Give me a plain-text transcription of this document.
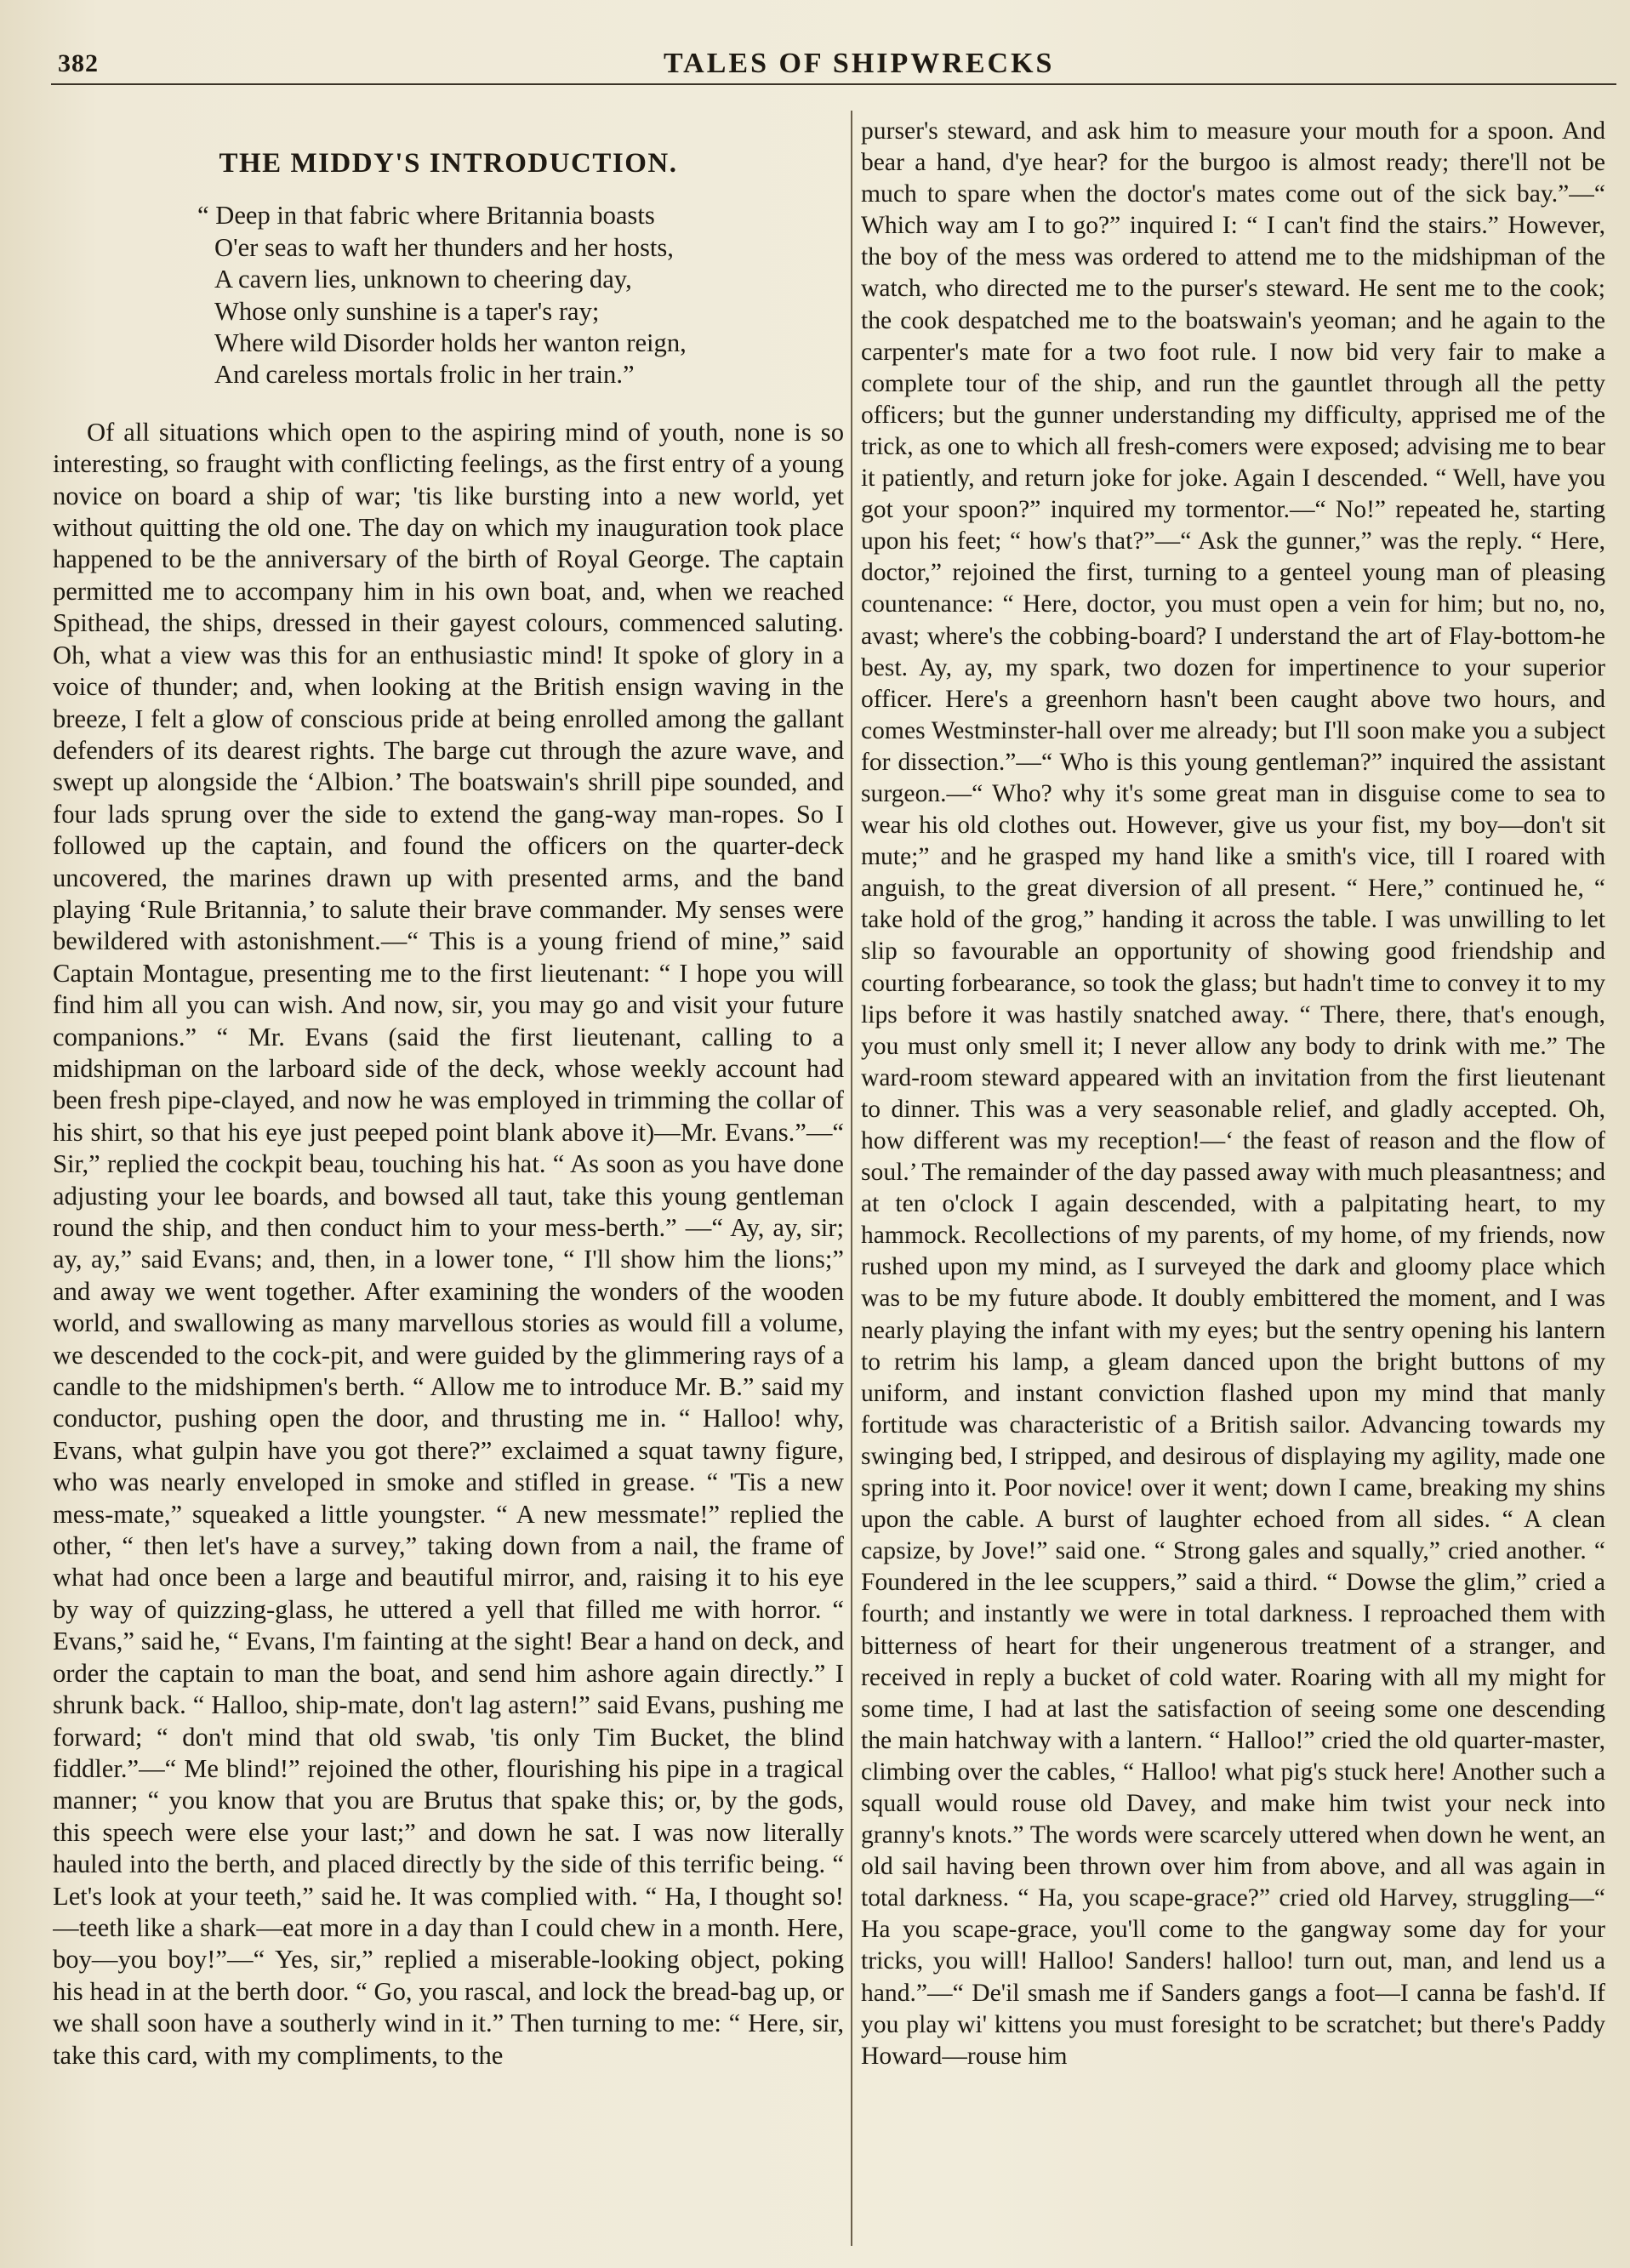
382	TALES OF SHIPWRECKS
THE MIDDY'S INTRODUCTION.
“ Deep in that fabric where Britannia boasts
O'er seas to waft her thunders and her hosts,
A cavern lies, unknown to cheering day,
Whose only sunshine is a taper's ray;
Where wild Disorder holds her wanton reign,
And careless mortals frolic in her train.”

Of all situations which open to the aspiring mind of youth, none is so interesting, so fraught with conflicting feelings, as the first entry of a young novice on board a ship of war; 'tis like bursting into a new world, yet without quitting the old one. The day on which my inauguration took place happened to be the anniversary of the birth of Royal George. The captain permitted me to accompany him in his own boat, and, when we reached Spithead, the ships, dressed in their gayest colours, commenced saluting. Oh, what a view was this for an enthusiastic mind! It spoke of glory in a voice of thunder; and, when looking at the British ensign waving in the breeze, I felt a glow of conscious pride at being enrolled among the gallant defenders of its dearest rights. The barge cut through the azure wave, and swept up alongside the ‘Albion.’ The boatswain's shrill pipe sounded, and four lads sprung over the side to extend the gang-way man-ropes. So I followed up the captain, and found the officers on the quarter-deck uncovered, the marines drawn up with presented arms, and the band playing ‘Rule Britannia,’ to salute their brave commander. My senses were bewildered with astonishment.—“ This is a young friend of mine,” said Captain Montague, presenting me to the first lieutenant: “ I hope you will find him all you can wish. And now, sir, you may go and visit your future companions.” “ Mr. Evans (said the first lieutenant, calling to a midshipman on the larboard side of the deck, whose weekly account had been fresh pipe-clayed, and now he was employed in trimming the collar of his shirt, so that his eye just peeped point blank above it)—Mr. Evans.”—“ Sir,” replied the cockpit beau, touching his hat. “ As soon as you have done adjusting your lee boards, and bowsed all taut, take this young gentleman round the ship, and then conduct him to your mess-berth.” —“ Ay, ay, sir; ay, ay,” said Evans; and, then, in a lower tone, “ I'll show him the lions;” and away we went together. After examining the wonders of the wooden world, and swallowing as many marvellous stories as would fill a volume, we descended to the cock-pit, and were guided by the glimmering rays of a candle to the midshipmen's berth. “ Allow me to introduce Mr. B.” said my conductor, pushing open the door, and thrusting me in. “ Halloo! why, Evans, what gulpin have you got there?” exclaimed a squat tawny figure, who was nearly enveloped in smoke and stifled in grease. “ 'Tis a new mess-mate,” squeaked a little youngster. “ A new messmate!” replied the other, “ then let's have a survey,” taking down from a nail, the frame of what had once been a large and beautiful mirror, and, raising it to his eye by way of quizzing-glass, he uttered a yell that filled me with horror. “ Evans,” said he, “ Evans, I'm fainting at the sight! Bear a hand on deck, and order the captain to man the boat, and send him ashore again directly.” I shrunk back. “ Halloo, ship-mate, don't lag astern!” said Evans, pushing me forward; “ don't mind that old swab, 'tis only Tim Bucket, the blind fiddler.”—“ Me blind!” rejoined the other, flourishing his pipe in a tragical manner; “ you know that you are Brutus that spake this; or, by the gods, this speech were else your last;” and down he sat. I was now literally hauled into the berth, and placed directly by the side of this terrific being. “ Let's look at your teeth,” said he. It was complied with. “ Ha, I thought so!—teeth like a shark—eat more in a day than I could chew in a month. Here, boy—you boy!”—“ Yes, sir,” replied a miserable-looking object, poking his head in at the berth door. “ Go, you rascal, and lock the bread-bag up, or we shall soon have a southerly wind in it.” Then turning to me: “ Here, sir, take this card, with my compliments, to the

purser's steward, and ask him to measure your mouth for a spoon. And bear a hand, d'ye hear? for the burgoo is almost ready; there'll not be much to spare when the doctor's mates come out of the sick bay.”—“ Which way am I to go?” inquired I: “ I can't find the stairs.” However, the boy of the mess was ordered to attend me to the midshipman of the watch, who directed me to the purser's steward. He sent me to the cook; the cook despatched me to the boatswain's yeoman; and he again to the carpenter's mate for a two foot rule. I now bid very fair to make a complete tour of the ship, and run the gauntlet through all the petty officers; but the gunner understanding my difficulty, apprised me of the trick, as one to which all fresh-comers were exposed; advising me to bear it patiently, and return joke for joke. Again I descended. “ Well, have you got your spoon?” inquired my tormentor.—“ No!” repeated he, starting upon his feet; “ how's that?”—“ Ask the gunner,” was the reply. “ Here, doctor,” rejoined the first, turning to a genteel young man of pleasing countenance: “ Here, doctor, you must open a vein for him; but no, no, avast; where's the cobbing-board? I understand the art of Flay-bottom-he best. Ay, ay, my spark, two dozen for impertinence to your superior officer. Here's a greenhorn hasn't been caught above two hours, and comes Westminster-hall over me already; but I'll soon make you a subject for dissection.”—“ Who is this young gentleman?” inquired the assistant surgeon.—“ Who? why it's some great man in disguise come to sea to wear his old clothes out. However, give us your fist, my boy—don't sit mute;” and he grasped my hand like a smith's vice, till I roared with anguish, to the great diversion of all present. “ Here,” continued he, “ take hold of the grog,” handing it across the table. I was unwilling to let slip so favourable an opportunity of showing good friendship and courting forbearance, so took the glass; but hadn't time to convey it to my lips before it was hastily snatched away. “ There, there, that's enough, you must only smell it; I never allow any body to drink with me.” The ward-room steward appeared with an invitation from the first lieutenant to dinner. This was a very seasonable relief, and gladly accepted. Oh, how different was my reception!—‘ the feast of reason and the flow of soul.’ The remainder of the day passed away with much pleasantness; and at ten o'clock I again descended, with a palpitating heart, to my hammock. Recollections of my parents, of my home, of my friends, now rushed upon my mind, as I surveyed the dark and gloomy place which was to be my future abode. It doubly embittered the moment, and I was nearly playing the infant with my eyes; but the sentry opening his lantern to retrim his lamp, a gleam danced upon the bright buttons of my uniform, and instant conviction flashed upon my mind that manly fortitude was characteristic of a British sailor. Advancing towards my swinging bed, I stripped, and desirous of displaying my agility, made one spring into it. Poor novice! over it went; down I came, breaking my shins upon the cable. A burst of laughter echoed from all sides. “ A clean capsize, by Jove!” said one. “ Strong gales and squally,” cried another. “ Foundered in the lee scuppers,” said a third. “ Dowse the glim,” cried a fourth; and instantly we were in total darkness. I reproached them with bitterness of heart for their ungenerous treatment of a stranger, and received in reply a bucket of cold water. Roaring with all my might for some time, I had at last the satisfaction of seeing some one descending the main hatchway with a lantern. “ Halloo!” cried the old quarter-master, climbing over the cables, “ Halloo! what pig's stuck here! Another such a squall would rouse old Davey, and make him twist your neck into granny's knots.” The words were scarcely uttered when down he went, an old sail having been thrown over him from above, and all was again in total darkness. “ Ha, you scape-grace?” cried old Harvey, struggling—“ Ha you scape-grace, you'll come to the gangway some day for your tricks, you will! Halloo! Sanders! halloo! turn out, man, and lend us a hand.”—“ De'il smash me if Sanders gangs a foot—I canna be fash'd. If you play wi' kittens you must foresight to be scratchet; but there's Paddy Howard—rouse him
